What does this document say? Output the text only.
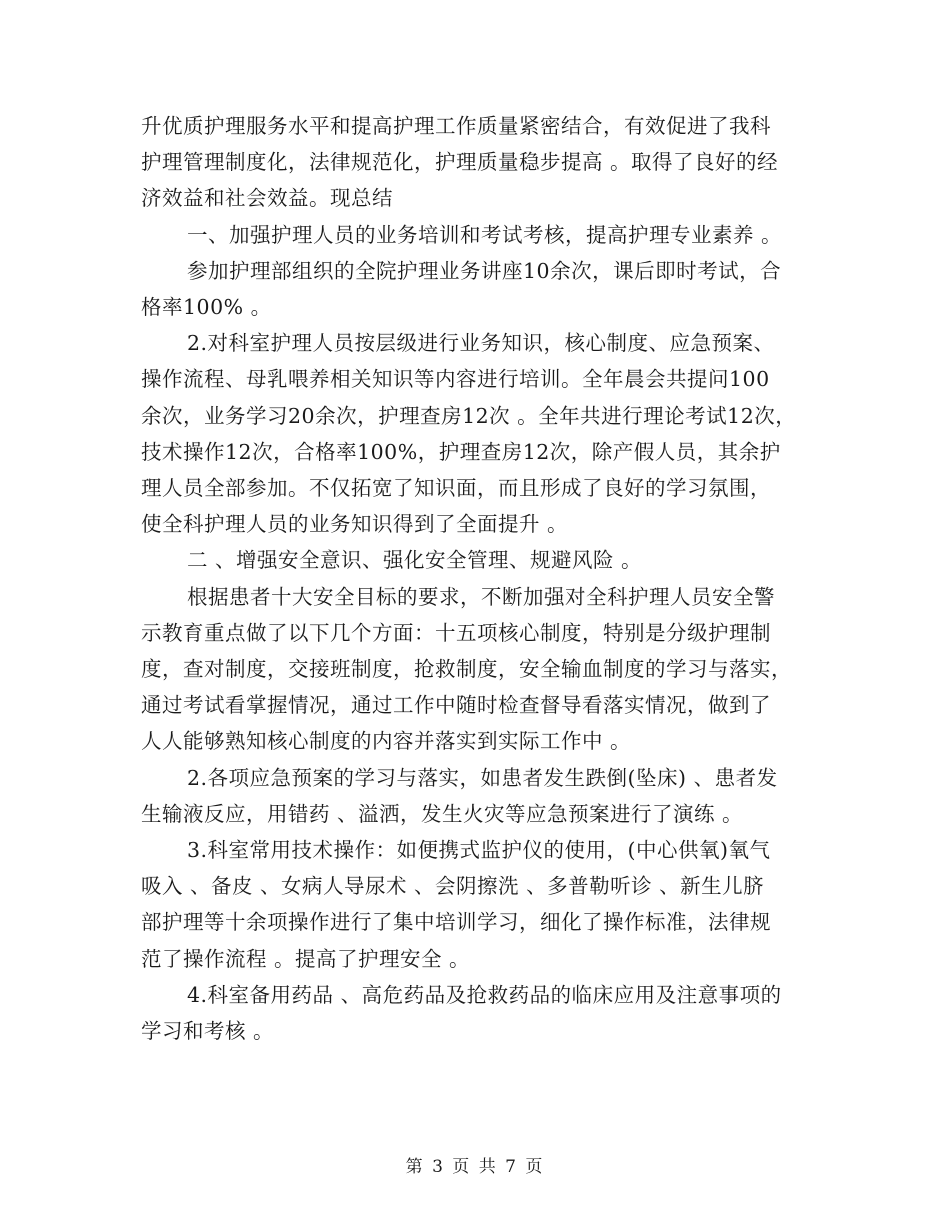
升优质护理服务水平和提高护理工作质量紧密结合，有效促进了我科
护理管理制度化，法律规范化，护理质量稳步提高 。取得了良好的经
济效益和社会效益。现总结
一、加强护理人员的业务培训和考试考核，提高护理专业素养 。
参加护理部组织的全院护理业务讲座10余次，课后即时考试，合
格率100% 。
2.对科室护理人员按层级进行业务知识，核心制度、应急预案、
操作流程、母乳喂养相关知识等内容进行培训。全年晨会共提问100
余次，业务学习20余次，护理查房12次 。全年共进行理论考试12次，
技术操作12次，合格率100%，护理查房12次，除产假人员，其余护
理人员全部参加。不仅拓宽了知识面，而且形成了良好的学习氛围，
使全科护理人员的业务知识得到了全面提升 。
二 、增强安全意识、强化安全管理、规避风险 。
根据患者十大安全目标的要求，不断加强对全科护理人员安全警
示教育重点做了以下几个方面：十五项核心制度，特别是分级护理制
度，查对制度，交接班制度，抢救制度，安全输血制度的学习与落实，
通过考试看掌握情况，通过工作中随时检查督导看落实情况，做到了
人人能够熟知核心制度的内容并落实到实际工作中 。
2.各项应急预案的学习与落实，如患者发生跌倒(坠床) 、患者发
生输液反应，用错药 、溢洒，发生火灾等应急预案进行了演练 。
3.科室常用技术操作：如便携式监护仪的使用，(中心供氧)氧气
吸入 、备皮 、女病人导尿术 、会阴擦洗 、多普勒听诊 、新生儿脐
部护理等十余项操作进行了集中培训学习，细化了操作标准，法律规
范了操作流程 。提高了护理安全 。
4.科室备用药品 、高危药品及抢救药品的临床应用及注意事项的
学习和考核 。
第 3 页 共 7 页
